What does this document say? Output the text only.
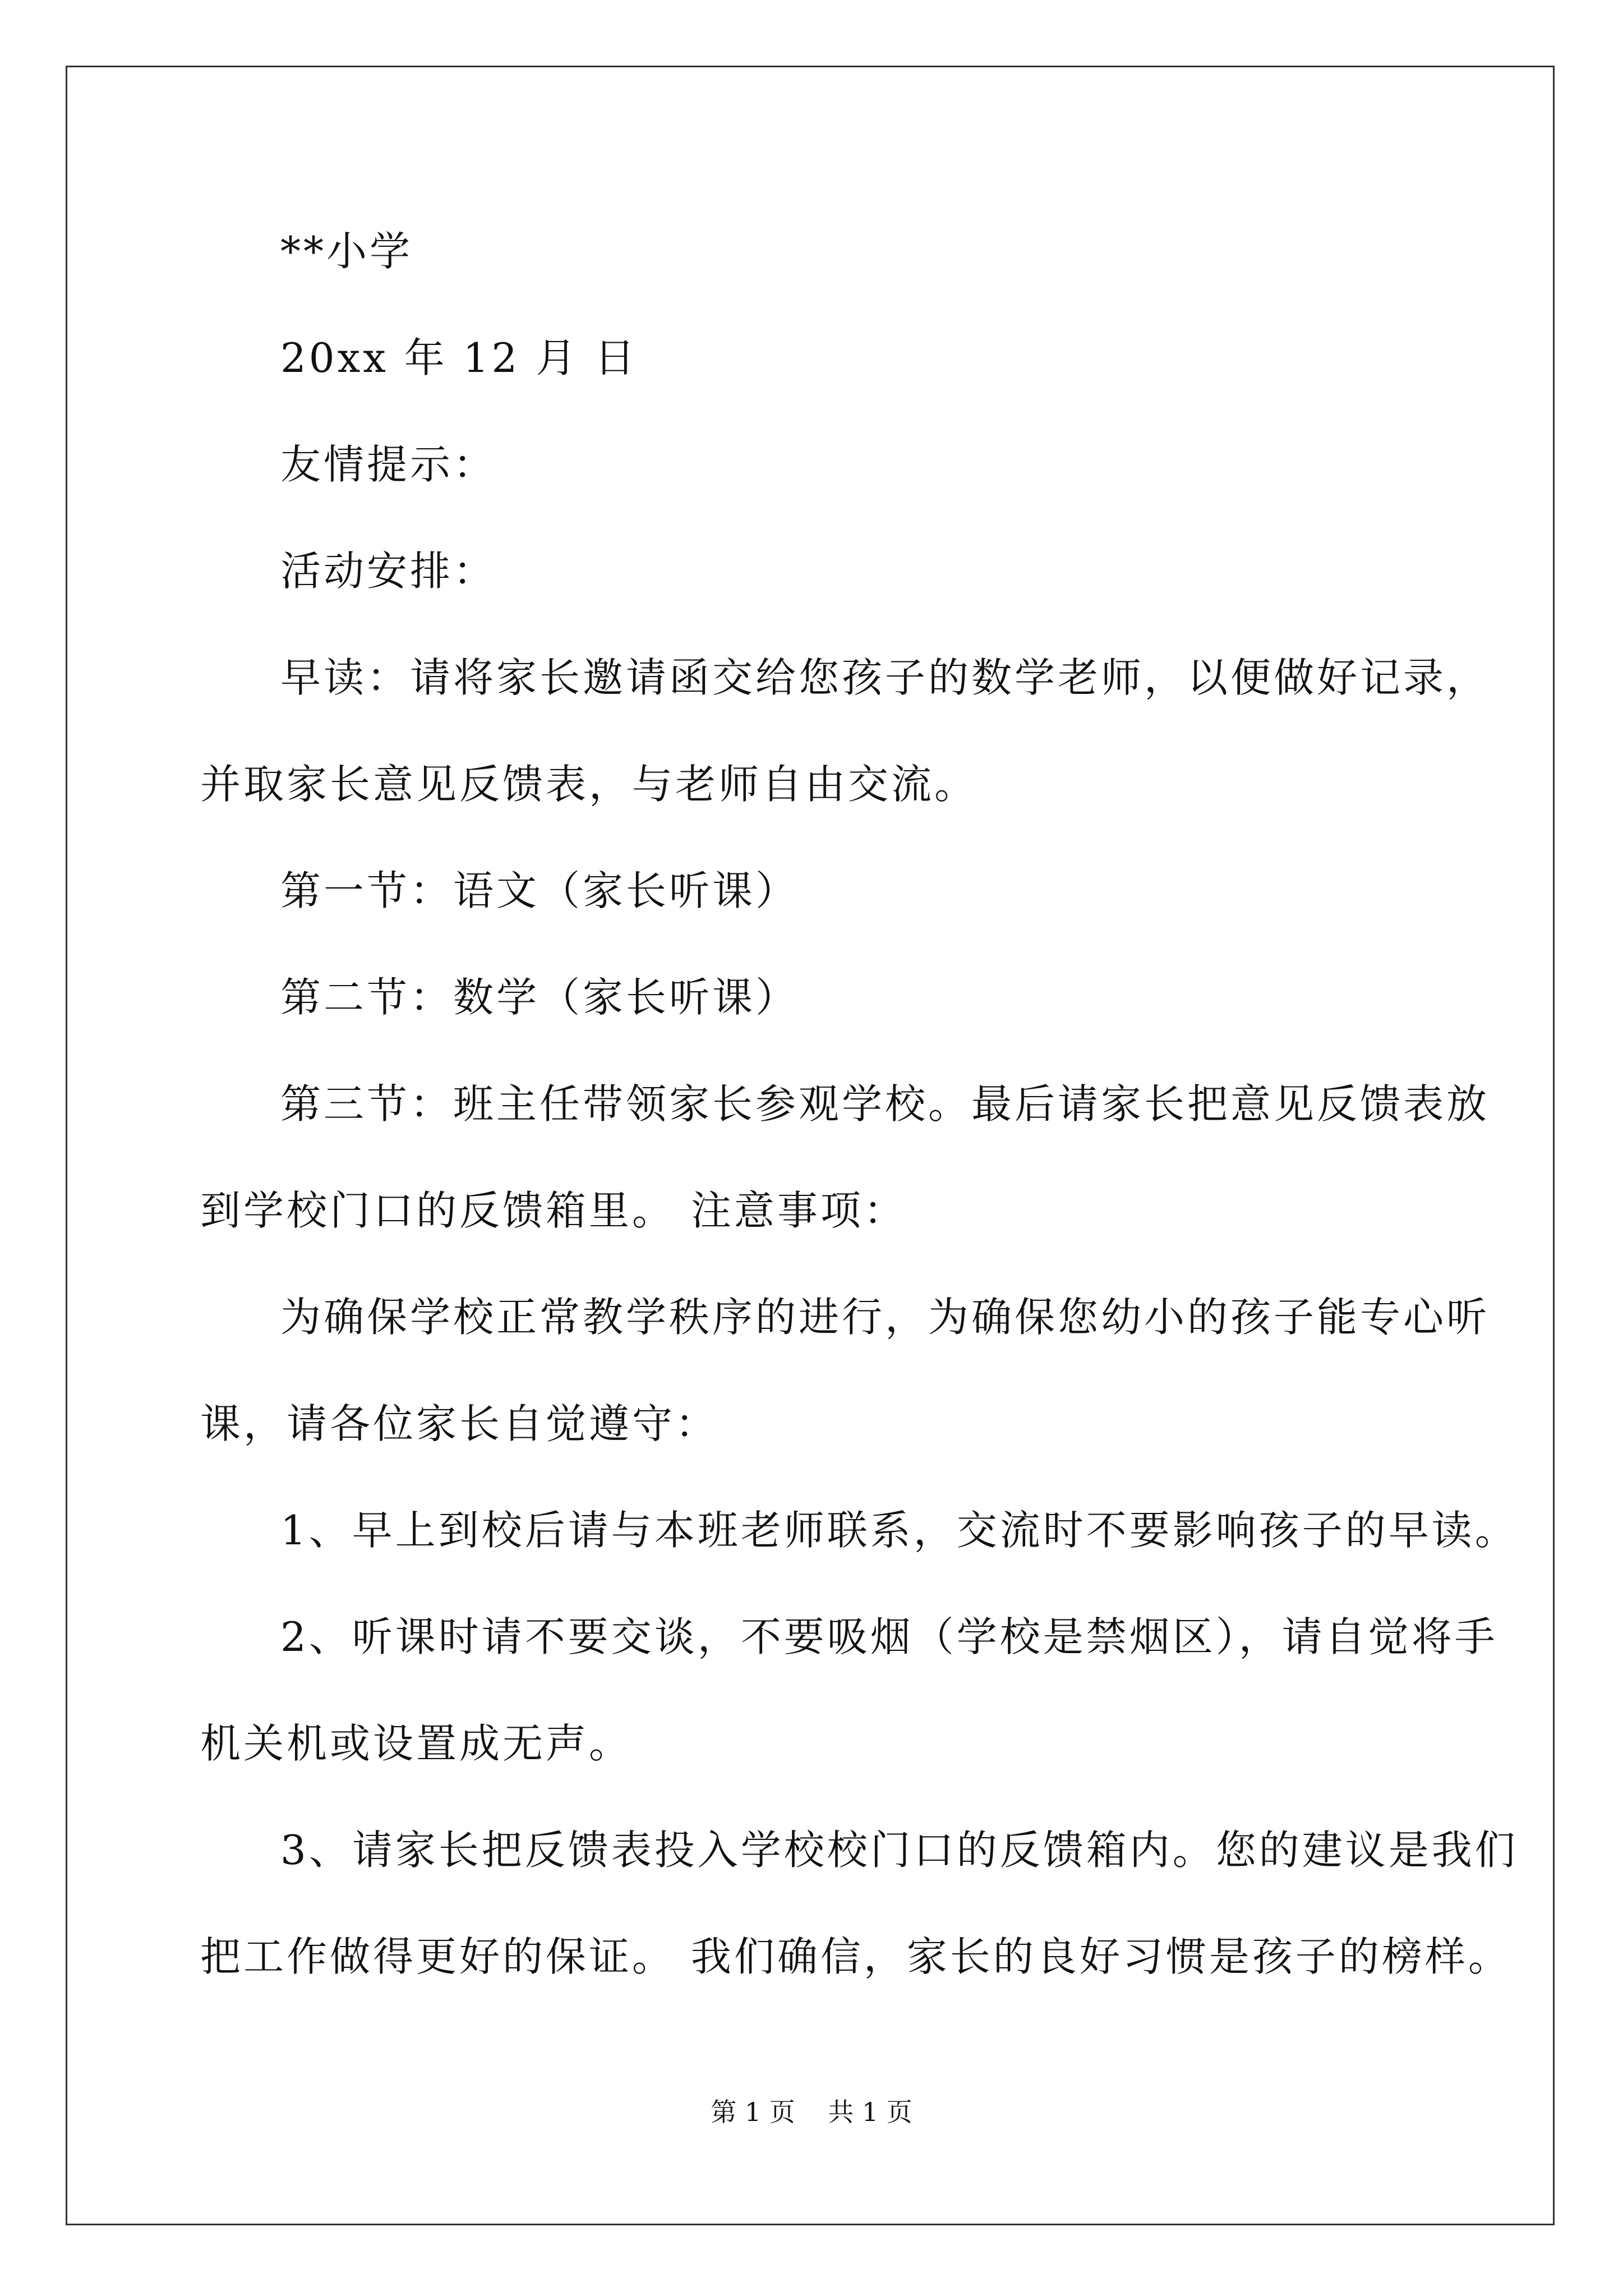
**小学
20xx 年 12 月 日
友情提示：
活动安排：
早读：请将家长邀请函交给您孩子的数学老师，以便做好记录，
并取家长意见反馈表，与老师自由交流。
第一节：语文（家长听课）
第二节：数学（家长听课）
第三节：班主任带领家长参观学校。最后请家长把意见反馈表放
到学校门口的反馈箱里。 注意事项：
为确保学校正常教学秩序的进行，为确保您幼小的孩子能专心听
课，请各位家长自觉遵守：
1、早上到校后请与本班老师联系，交流时不要影响孩子的早读。
2、听课时请不要交谈，不要吸烟（学校是禁烟区），请自觉将手
机关机或设置成无声。
3、请家长把反馈表投入学校校门口的反馈箱内。您的建议是我们
把工作做得更好的保证。 我们确信，家长的良好习惯是孩子的榜样。
第 1 页    共 1 页
